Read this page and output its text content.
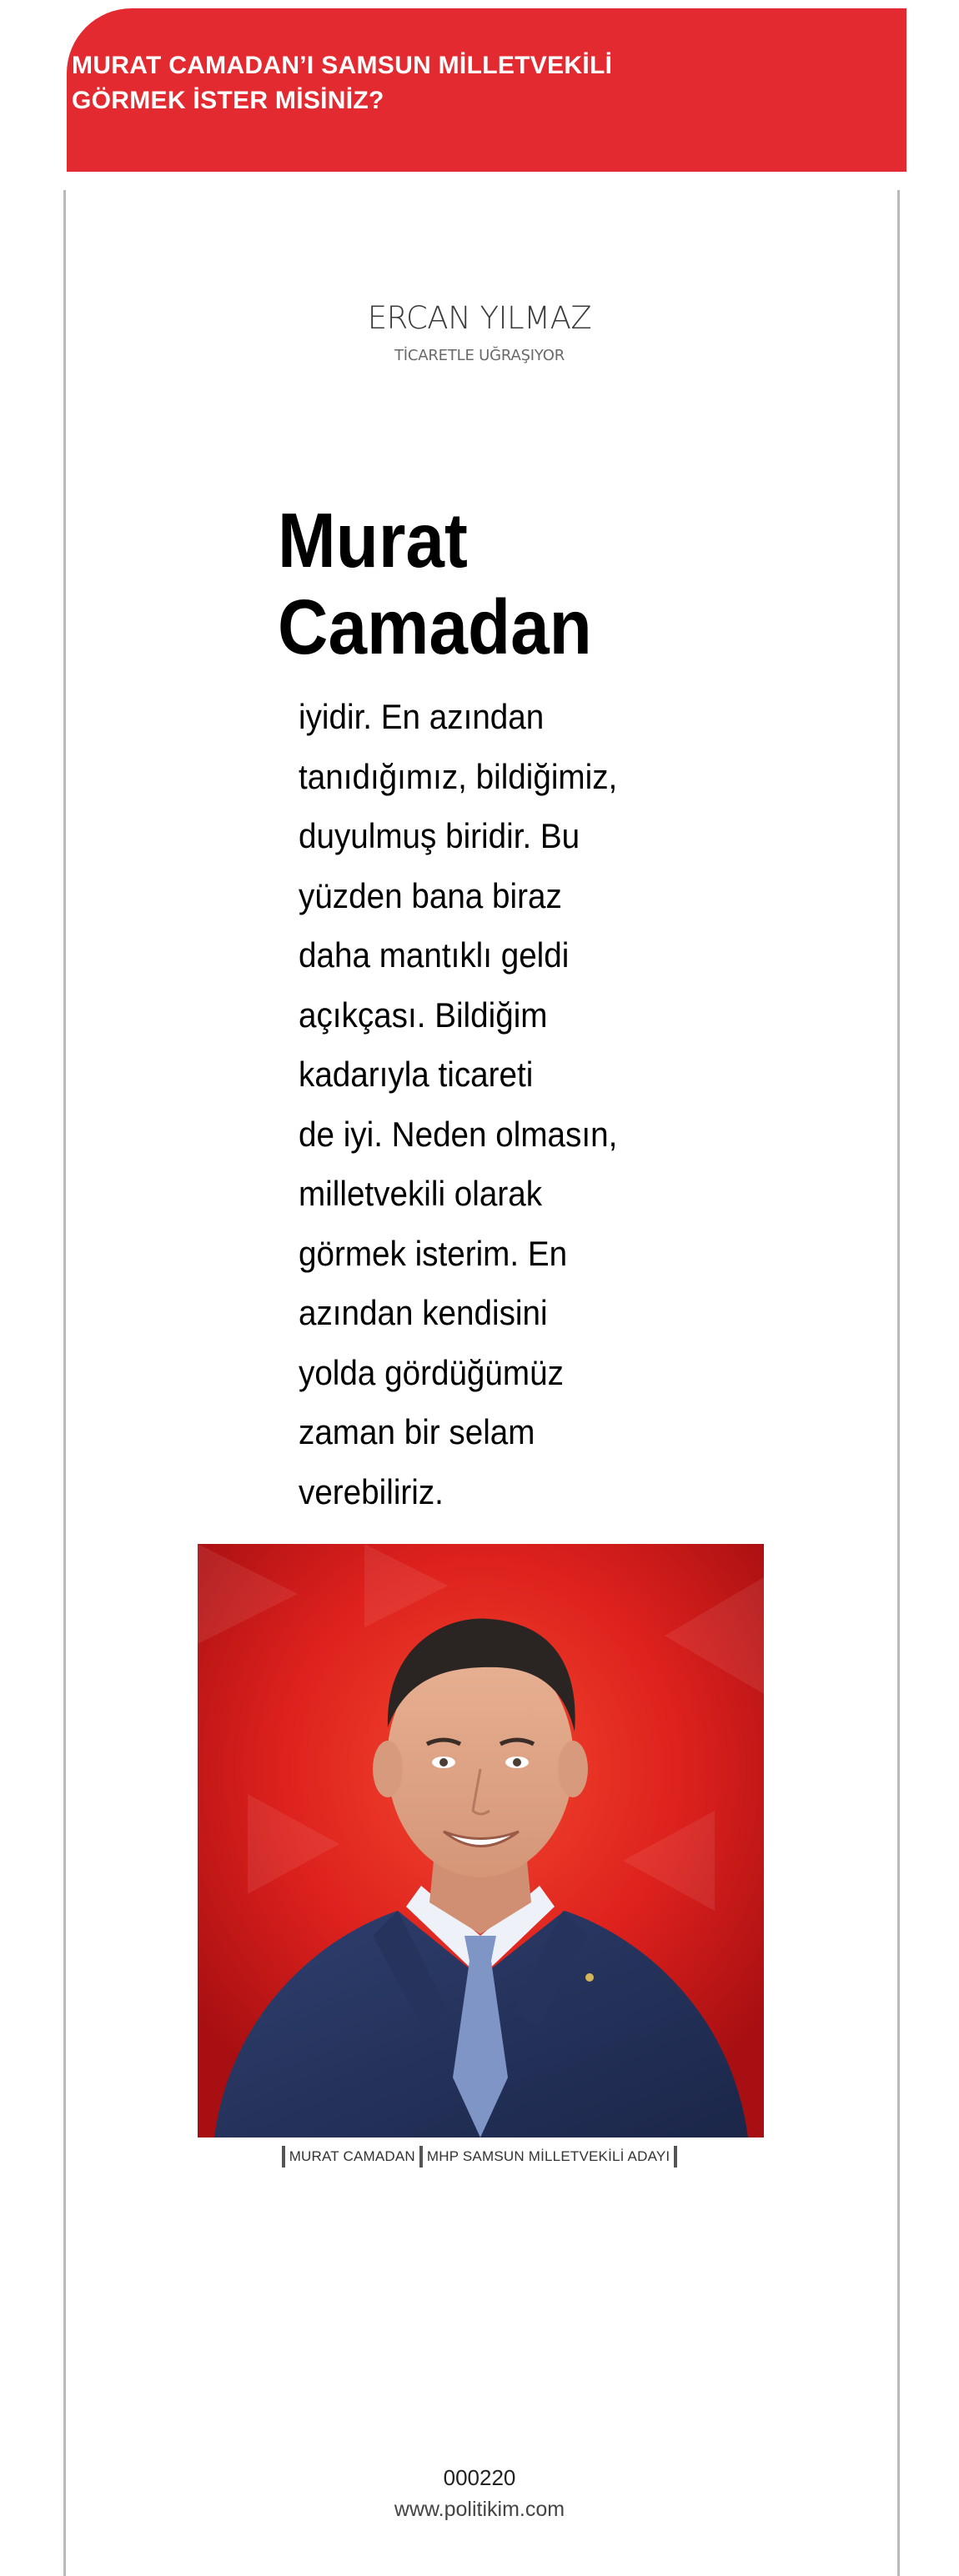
MURAT CAMADAN’I SAMSUN MİLLETVEKİLİ
GÖRMEK İSTER MİSİNİZ?
ERCAN YILMAZ
TİCARETLE UĞRAŞIYOR
Murat
Camadan

iyidir. En azından
tanıdığımız, bildiğimiz,
duyulmuş biridir. Bu
yüzden bana biraz
daha mantıklı geldi
açıkçası. Bildiğim
kadarıyla ticareti
de iyi. Neden olmasın,
milletvekili olarak
görmek isterim. En
azından kendisini
yolda gördüğümüz
zaman bir selam
verebiliriz.

MURAT CAMADAN MHP SAMSUN MİLLETVEKİLİ ADAYI
000220
www.politikim.com
